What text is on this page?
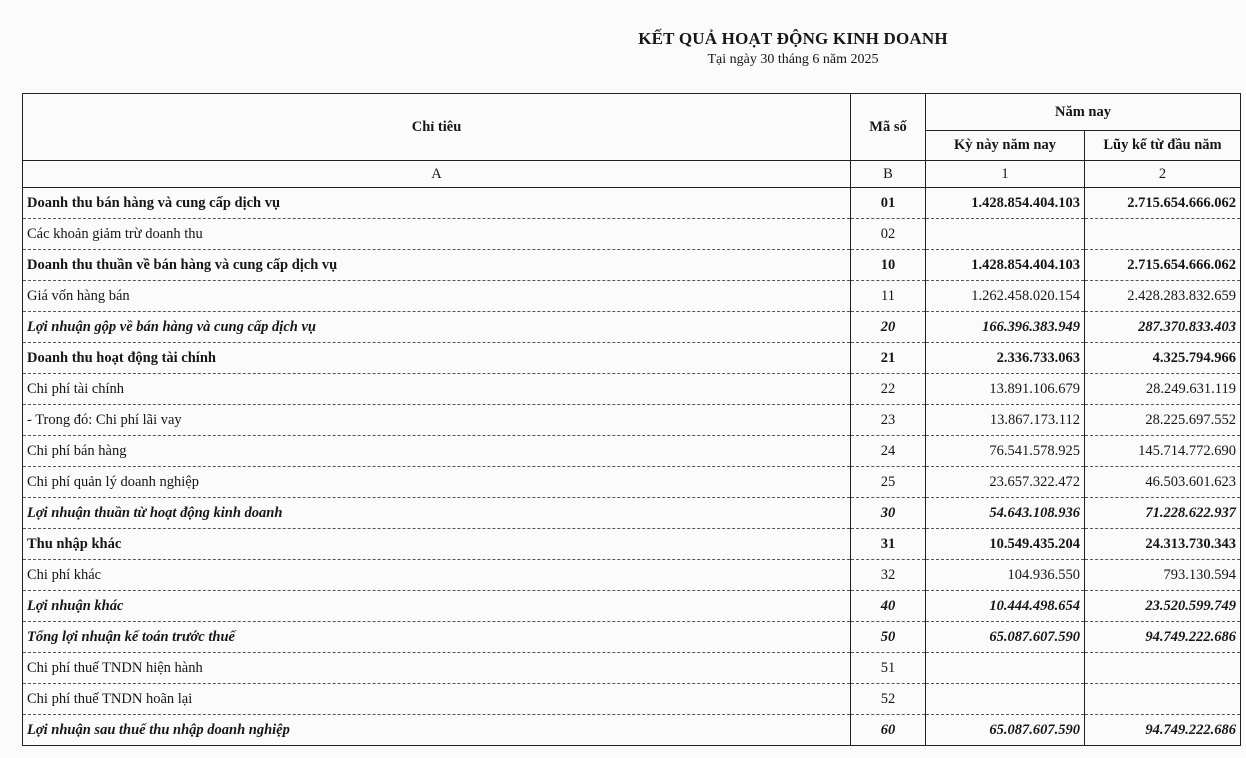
KẾT QUẢ HOẠT ĐỘNG KINH DOANH
Tại ngày 30 tháng 6 năm 2025
Chỉ tiêu	Mã số	Năm nay	
		Kỳ này năm nay	Lũy kế từ đầu năm
A	B	1	2
Doanh thu bán hàng và cung cấp dịch vụ	01	1.428.854.404.103	2.715.654.666.062
Các khoản giảm trừ doanh thu	02		
Doanh thu thuần về bán hàng và cung cấp dịch vụ	10	1.428.854.404.103	2.715.654.666.062
Giá vốn hàng bán	11	1.262.458.020.154	2.428.283.832.659
Lợi nhuận gộp về bán hàng và cung cấp dịch vụ	20	166.396.383.949	287.370.833.403
Doanh thu hoạt động tài chính	21	2.336.733.063	4.325.794.966
Chi phí tài chính	22	13.891.106.679	28.249.631.119
- Trong đó: Chi phí lãi vay	23	13.867.173.112	28.225.697.552
Chi phí bán hàng	24	76.541.578.925	145.714.772.690
Chi phí quản lý doanh nghiệp	25	23.657.322.472	46.503.601.623
Lợi nhuận thuần từ hoạt động kinh doanh	30	54.643.108.936	71.228.622.937
Thu nhập khác	31	10.549.435.204	24.313.730.343
Chi phí khác	32	104.936.550	793.130.594
Lợi nhuận khác	40	10.444.498.654	23.520.599.749
Tổng lợi nhuận kế toán trước thuế	50	65.087.607.590	94.749.222.686
Chi phí thuế TNDN hiện hành	51		
Chi phí thuế TNDN hoãn lại	52		
Lợi nhuận sau thuế thu nhập doanh nghiệp	60	65.087.607.590	94.749.222.686
